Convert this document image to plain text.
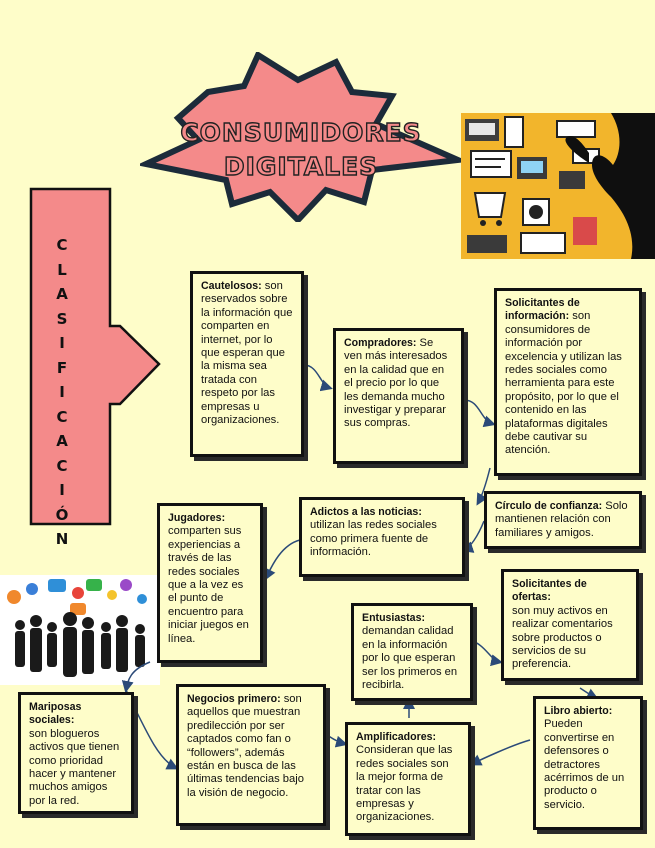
C
L
A
S
I
F
I
C
A
C
I
Ó
N
CONSUMIDORES
DIGITALES
Cautelosos: son reservados sobre la información que comparten en internet, por lo que esperan que la misma sea tratada con respeto por las empresas u organizaciones.
Compradores: Se ven más interesados en la calidad que en el precio por lo que les demanda mucho investigar y preparar sus compras.
Solicitantes de información: son consumidores de información por excelencia y utilizan las redes sociales como herramienta para este propósito, por lo que el contenido en las plataformas digitales debe cautivar su atención.
Círculo de confianza: Solo mantienen relación con familiares y amigos.
Adictos a las noticias:
utilizan las redes sociales como primera fuente de información.
Jugadores:
comparten sus experiencias a través de las redes sociales que a la vez es el punto de encuentro para iniciar juegos en línea.
Solicitantes de ofertas:
son muy activos en realizar comentarios sobre productos o servicios de su preferencia.
Entusiastas:
demandan calidad en la información por lo que esperan ser los primeros en recibirla.
Libro abierto:
Pueden convertirse en defensores o detractores acérrimos de un producto o servicio.
Amplificadores:
Consideran que las redes sociales son la mejor forma de tratar con las empresas y organizaciones.
Negocios primero: son aquellos que muestran predilección por ser captados como fan o “followers”, además están en busca de las últimas tendencias bajo la visión de negocio.
Mariposas sociales:
son blogueros activos que tienen como prioridad hacer y mantener muchos amigos por la red.
